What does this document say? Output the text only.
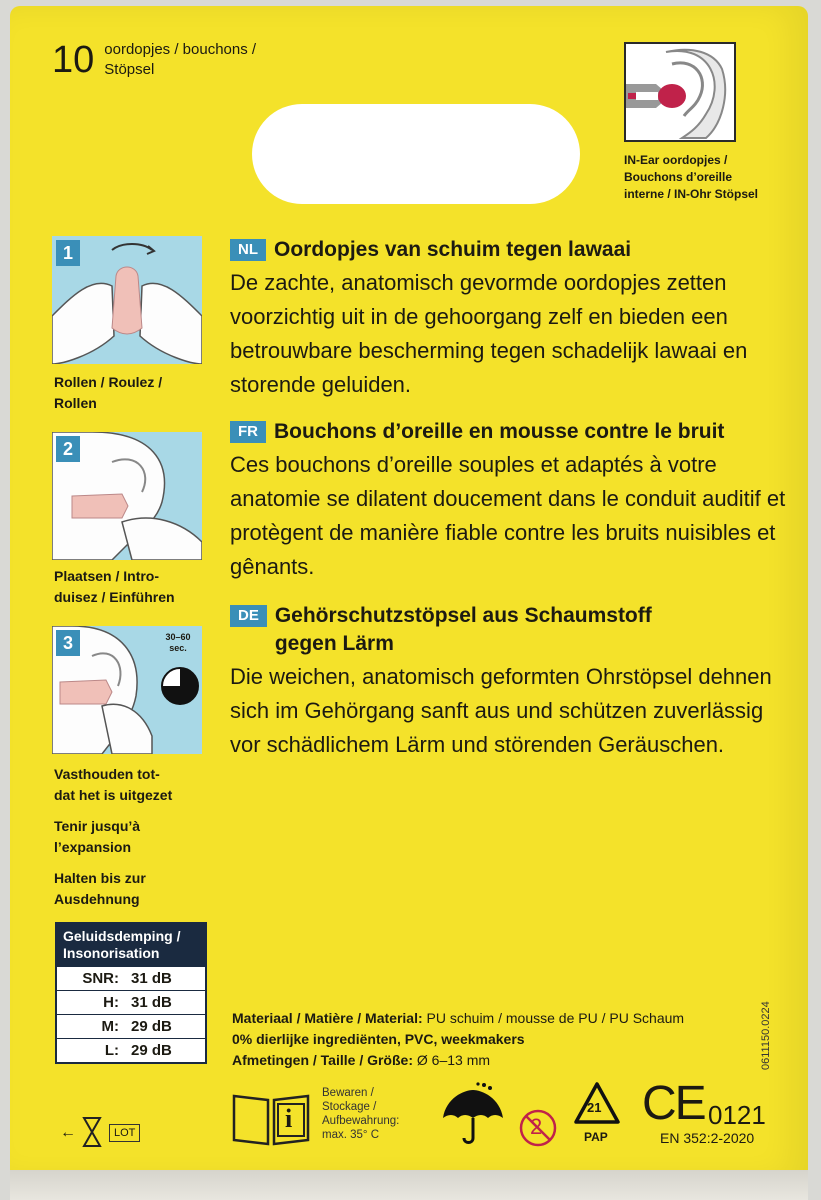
10 oordopjes / bouchons / Stöpsel
IN-Ear oordopjes /
Bouchons d’oreille
interne / IN-Ohr Stöpsel
1
Rollen / Roulez /
Rollen
2
Plaatsen / Intro-
duisez / Einführen
3	30–60
sec.
Vasthouden tot-
dat het is uitgezet
Tenir jusqu’à
l’expansion
Halten bis zur
Ausdehnung
NL Oordopjes van schuim tegen lawaai
De zachte, anatomisch gevormde oordopjes zetten voorzichtig uit in de gehoorgang zelf en bieden een betrouwbare bescherming tegen schadelijk lawaai en storende geluiden.
FR Bouchons d’oreille en mousse contre le bruit
Ces bouchons d’oreille souples et adaptés à votre anatomie se dilatent doucement dans le conduit auditif et protègent de manière fiable contre les bruits nuisibles et gênants.
DE Gehörschutzstöpsel aus Schaumstoff gegen Lärm
Die weichen, anatomisch geformten Ohrstöpsel dehnen sich im Gehörgang sanft aus und schützen zuverlässig vor schädlichem Lärm und störenden Geräuschen.
Geluidsdemping / Insonorisation
SNR: 31 dB
H: 31 dB
M: 29 dB
L: 29 dB
Materiaal / Matière / Material: PU schuim / mousse de PU / PU Schaum
0% dierlijke ingrediënten, PVC, weekmakers
Afmetingen / Taille / Größe: Ø 6–13 mm	0611150.0224
i
Bewaren /
Stockage /
Aufbewahrung:
max. 35° C	2
21
PAP
CE 0121
EN 352:2-2020
←	LOT
